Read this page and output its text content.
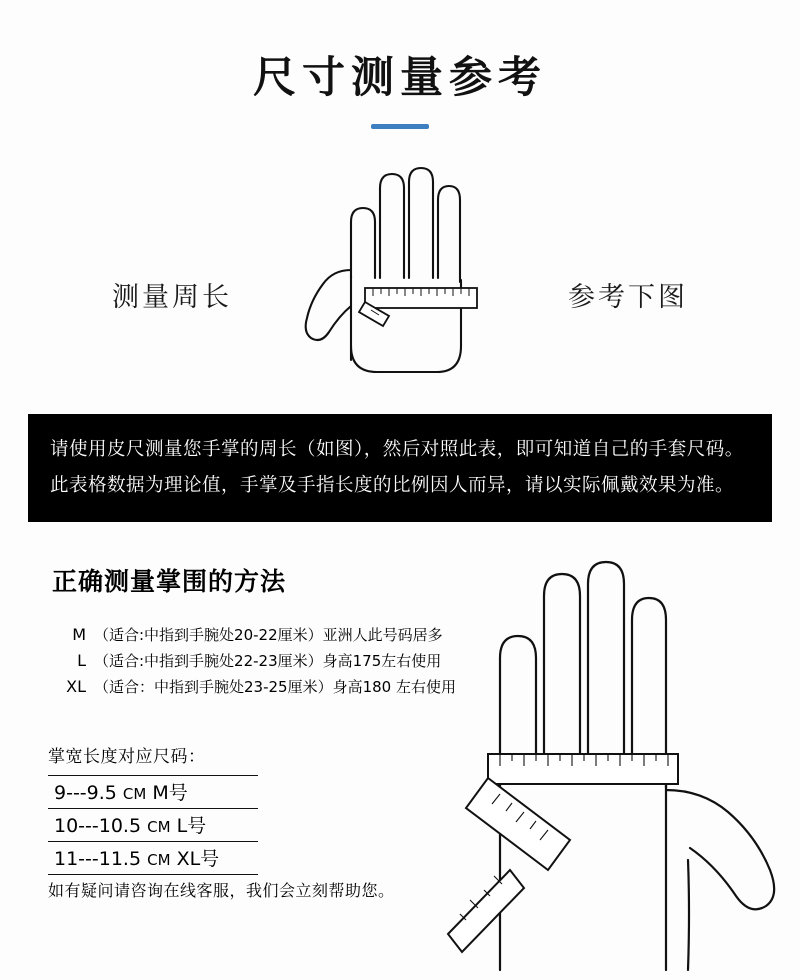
尺寸测量参考
测量周长	参考下图
请使用皮尺测量您手掌的周长（如图），然后对照此表，即可知道自己的手套尺码。
此表格数据为理论值，手掌及手指长度的比例因人而异，请以实际佩戴效果为准。
正确测量掌围的方法
M （适合:中指到手腕处20-22厘米）亚洲人此号码居多
L （适合:中指到手腕处22-23厘米）身高175左右使用
XL （适合：中指到手腕处23-25厘米）身高180 左右使用
掌宽长度对应尺码：
9---9.5 CM M号
10---10.5 CM L号
11---11.5 CM XL号
如有疑问请咨询在线客服，我们会立刻帮助您。
